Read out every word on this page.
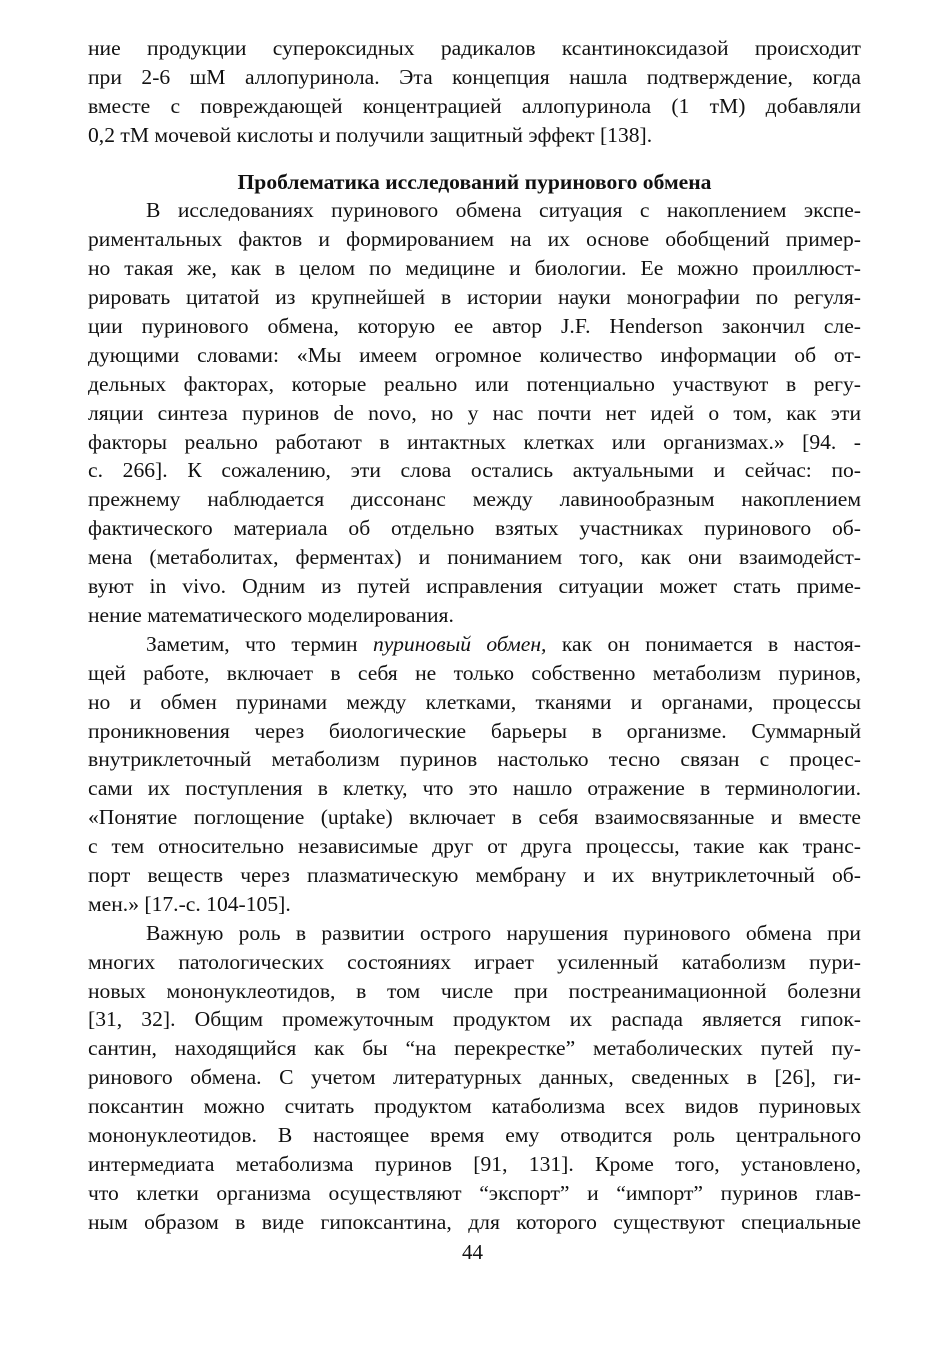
ние продукции супероксидных радикалов ксантиноксидазой происходит
при 2-6 шМ аллопуринола. Эта концепция нашла подтверждение, когда
вместе с повреждающей концентрацией аллопуринола (1 тМ) добавляли
0,2 тМ мочевой кислоты и получили защитный эффект [138].
Проблематика исследований пуринового обмена
В исследованиях пуринового обмена ситуация с накоплением экспе-
риментальных фактов и формированием на их основе обобщений пример-
но такая же, как в целом по медицине и биологии. Ее можно проиллюст-
рировать цитатой из крупнейшей в истории науки монографии по регуля-
ции пуринового обмена, которую ее автор J.F. Henderson закончил сле-
дующими словами: «Мы имеем огромное количество информации об от-
дельных факторах, которые реально или потенциально участвуют в регу-
ляции синтеза пуринов de novo, но у нас почти нет идей о том, как эти
факторы реально работают в интактных клетках или организмах.» [94. -
с. 266]. К сожалению, эти слова остались актуальными и сейчас: по-
прежнему наблюдается диссонанс между лавинообразным накоплением
фактического материала об отдельно взятых участниках пуринового об-
мена (метаболитах, ферментах) и пониманием того, как они взаимодейст-
вуют in vivo. Одним из путей исправления ситуации может стать приме-
нение математического моделирования.
Заметим, что термин пуриновый обмен, как он понимается в настоя-
щей работе, включает в себя не только собственно метаболизм пуринов,
но и обмен пуринами между клетками, тканями и органами, процессы
проникновения через биологические барьеры в организме. Суммарный
внутриклеточный метаболизм пуринов настолько тесно связан с процес-
сами их поступления в клетку, что это нашло отражение в терминологии.
«Понятие поглощение (uptake) включает в себя взаимосвязанные и вместе
с тем относительно независимые друг от друга процессы, такие как транс-
порт веществ через плазматическую мембрану и их внутриклеточный об-
мен.» [17.-с. 104-105].
Важную роль в развитии острого нарушения пуринового обмена при
многих патологических состояниях играет усиленный катаболизм пури-
новых мононуклеотидов, в том числе при постреанимационной болезни
[31, 32]. Общим промежуточным продуктом их распада является гипок-
сантин, находящийся как бы “на перекрестке” метаболических путей пу-
ринового обмена. С учетом литературных данных, сведенных в [26], ги-
поксантин можно считать продуктом катаболизма всех видов пуриновых
мононуклеотидов. В настоящее время ему отводится роль центрального
интермедиата метаболизма пуринов [91, 131]. Кроме того, установлено,
что клетки организма осуществляют “экспорт” и “импорт” пуринов глав-
ным образом в виде гипоксантина, для которого существуют специальные
44
